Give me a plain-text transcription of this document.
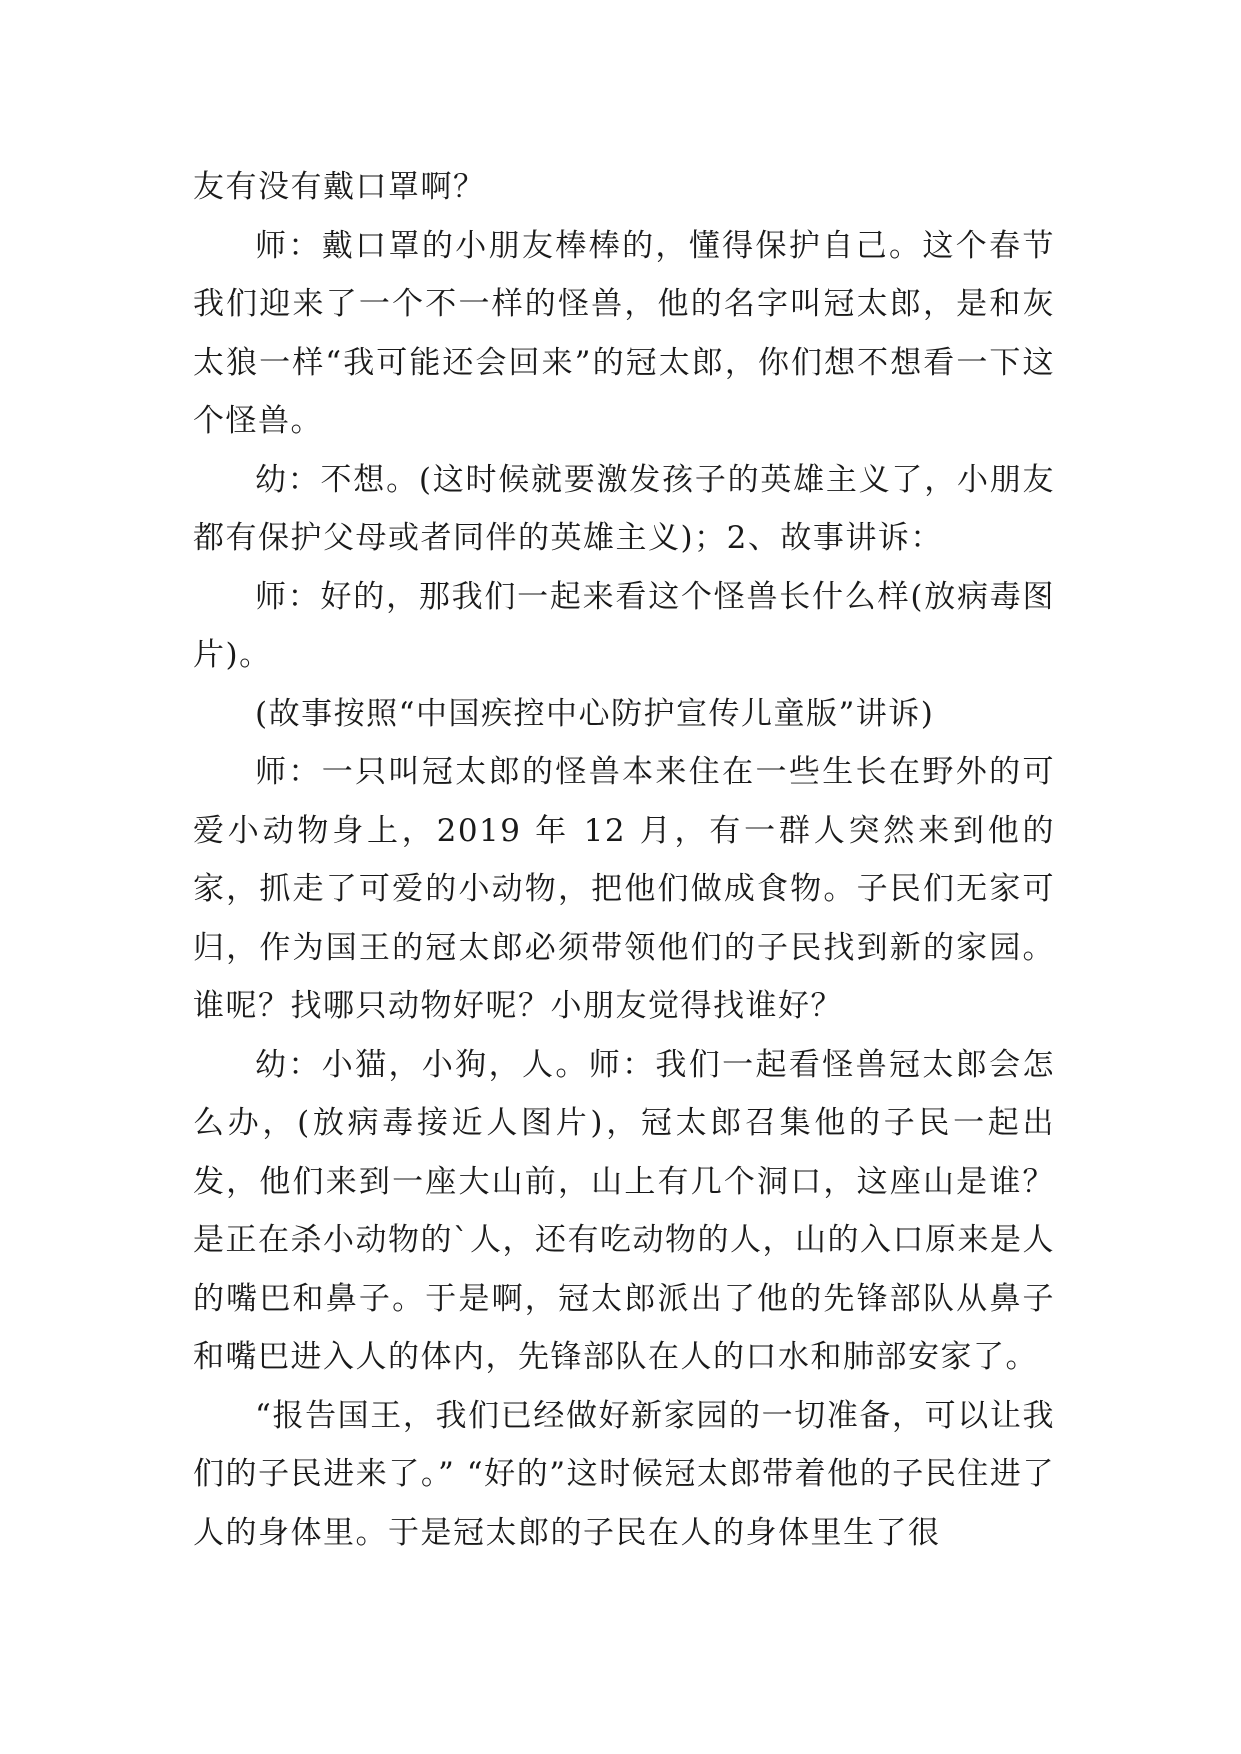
友有没有戴口罩啊？

师：戴口罩的小朋友棒棒的，懂得保护自己。这个春节我们迎来了一个不一样的怪兽，他的名字叫冠太郎，是和灰太狼一样“我可能还会回来”的冠太郎，你们想不想看一下这个怪兽。

幼：不想。(这时候就要激发孩子的英雄主义了，小朋友都有保护父母或者同伴的英雄主义)；2、故事讲诉：

师：好的，那我们一起来看这个怪兽长什么样(放病毒图片)。

(故事按照“中国疾控中心防护宣传儿童版”讲诉)

师：一只叫冠太郎的怪兽本来住在一些生长在野外的可爱小动物身上，2019 年 12 月，有一群人突然来到他的家，抓走了可爱的小动物，把他们做成食物。子民们无家可归，作为国王的冠太郎必须带领他们的子民找到新的家园。谁呢？找哪只动物好呢？小朋友觉得找谁好？

幼：小猫，小狗，人。师：我们一起看怪兽冠太郎会怎么办，(放病毒接近人图片)，冠太郎召集他的子民一起出发，他们来到一座大山前，山上有几个洞口，这座山是谁？是正在杀小动物的`人，还有吃动物的人，山的入口原来是人的嘴巴和鼻子。于是啊，冠太郎派出了他的先锋部队从鼻子和嘴巴进入人的体内，先锋部队在人的口水和肺部安家了。

“报告国王，我们已经做好新家园的一切准备，可以让我们的子民进来了。” “好的”这时候冠太郎带着他的子民住进了人的身体里。于是冠太郎的子民在人的身体里生了很
